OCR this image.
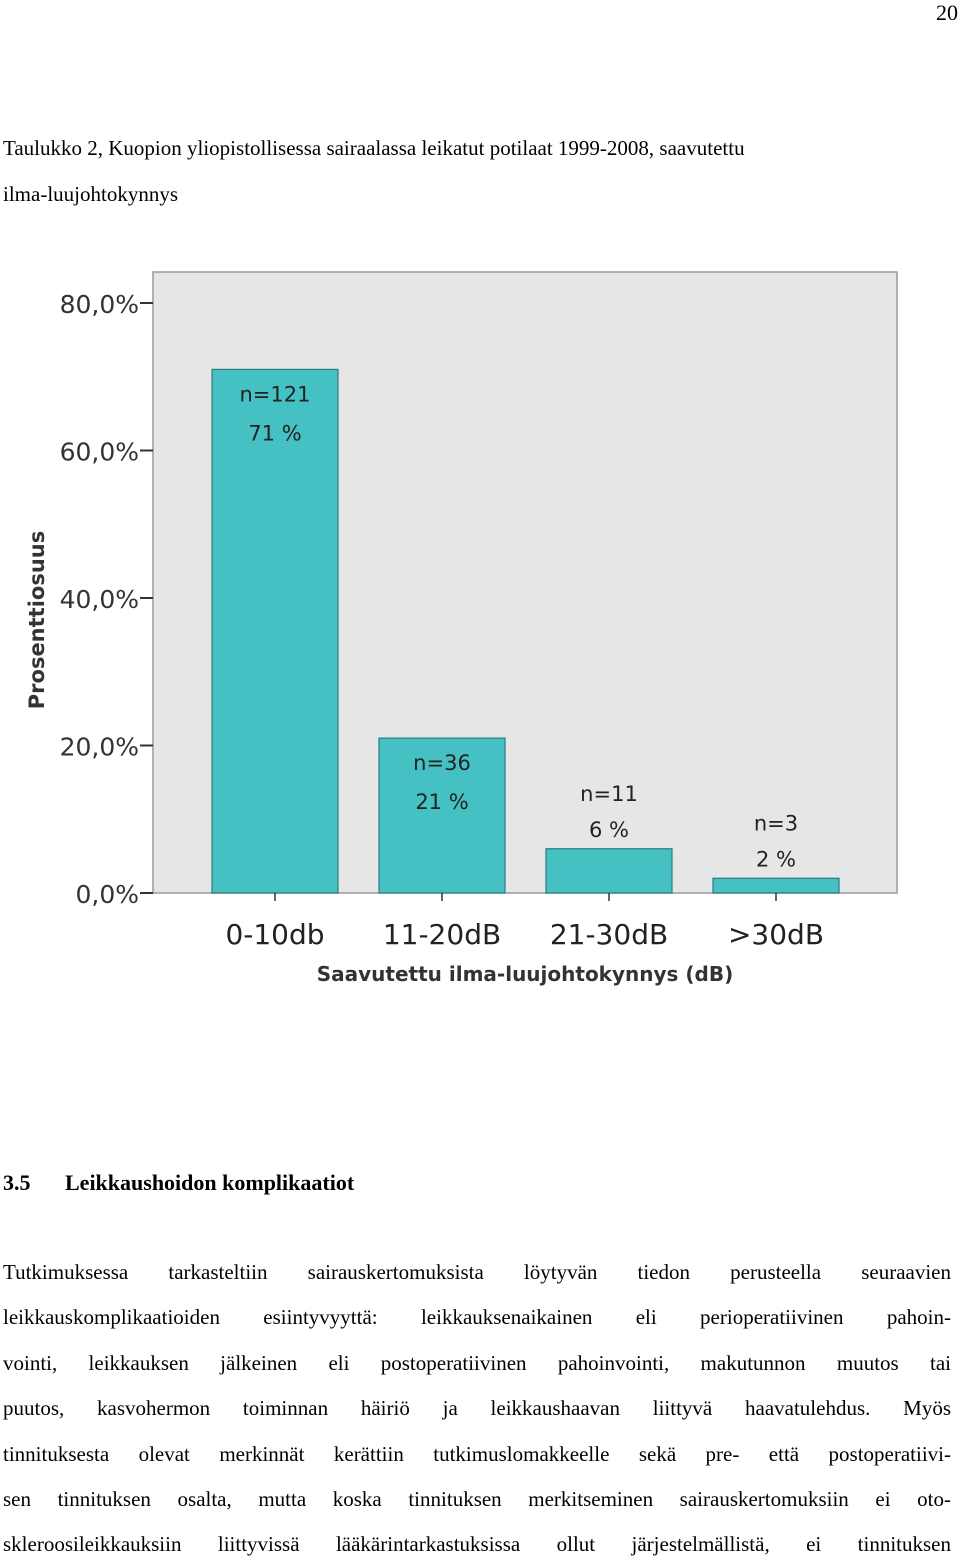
20
Taulukko 2, Kuopion yliopistollisessa sairaalassa leikatut potilaat 1999-2008, saavutettu
ilma-luujohtokynnys
0,0%
20,0%
40,0%
60,0%
80,0%
n=121
71 %
n=36
21 %	n=11
6 %	n=3
2 %
0-10db 11-20dB 21-30dB >30dB
Prosenttiosuus
Saavutettu ilma-luujohtokynnys (dB)
3.5 Leikkaushoidon komplikaatiot
Tutkimuksessa tarkasteltiin sairauskertomuksista löytyvän tiedon perusteella seuraavien
leikkauskomplikaatioiden esiintyvyyttä: leikkauksenaikainen eli perioperatiivinen pahoin-
vointi, leikkauksen jälkeinen eli postoperatiivinen pahoinvointi, makutunnon muutos tai
puutos, kasvohermon toiminnan häiriö ja leikkaushaavan liittyvä haavatulehdus. Myös
tinnituksesta olevat merkinnät kerättiin tutkimuslomakkeelle sekä pre- että postoperatiivi-
sen tinnituksen osalta, mutta koska tinnituksen merkitseminen sairauskertomuksiin ei oto-
skleroosileikkauksiin liittyvissä lääkärintarkastuksissa ollut järjestelmällistä, ei tinnituksen
